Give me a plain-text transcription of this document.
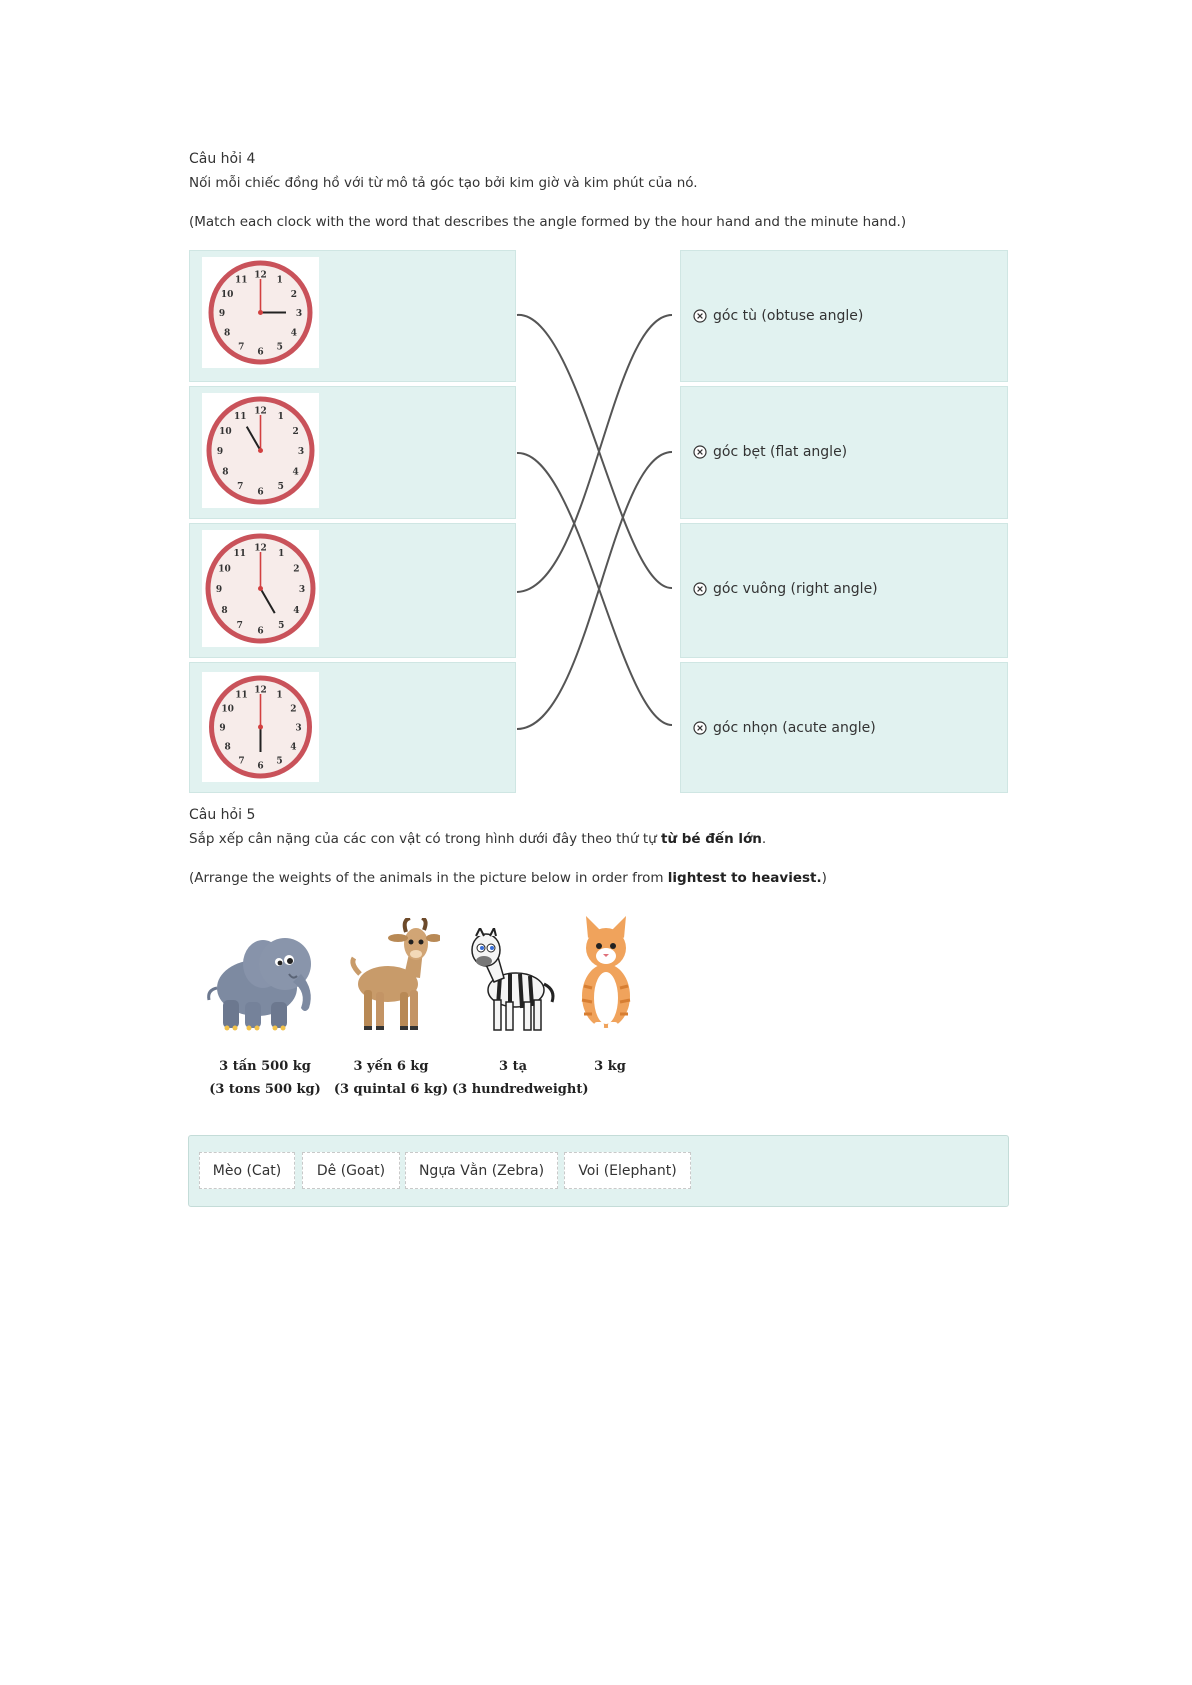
Câu hỏi 4
Nối mỗi chiếc đồng hồ với từ mô tả góc tạo bởi kim giờ và kim phút của nó.
(Match each clock with the word that describes the angle formed by the hour hand and the minute hand.)
12
1
2
3
4
5
6
7
8
9
10
11
12
1
2
3
4
5
6
7
8
9
10
11
12
1
2
3
4
5
6
7
8
9
10
11
12
1
2
3
4
5
6
7
8
9
10
11
góc tù (obtuse angle)
góc bẹt (flat angle)
góc vuông (right angle)
góc nhọn (acute angle)
Câu hỏi 5
Sắp xếp cân nặng của các con vật có trong hình dưới đây theo thứ tự từ bé đến lớn.
(Arrange the weights of the animals in the picture below in order from lightest to heaviest.)
3 tấn 500 kg
(3 tons 500 kg)
3 yến 6 kg
(3 quintal 6 kg)
3 tạ
(3 hundredweight)
3 kg
Mèo (Cat)	Dê (Goat)	Ngựa Vằn (Zebra)	Voi (Elephant)
